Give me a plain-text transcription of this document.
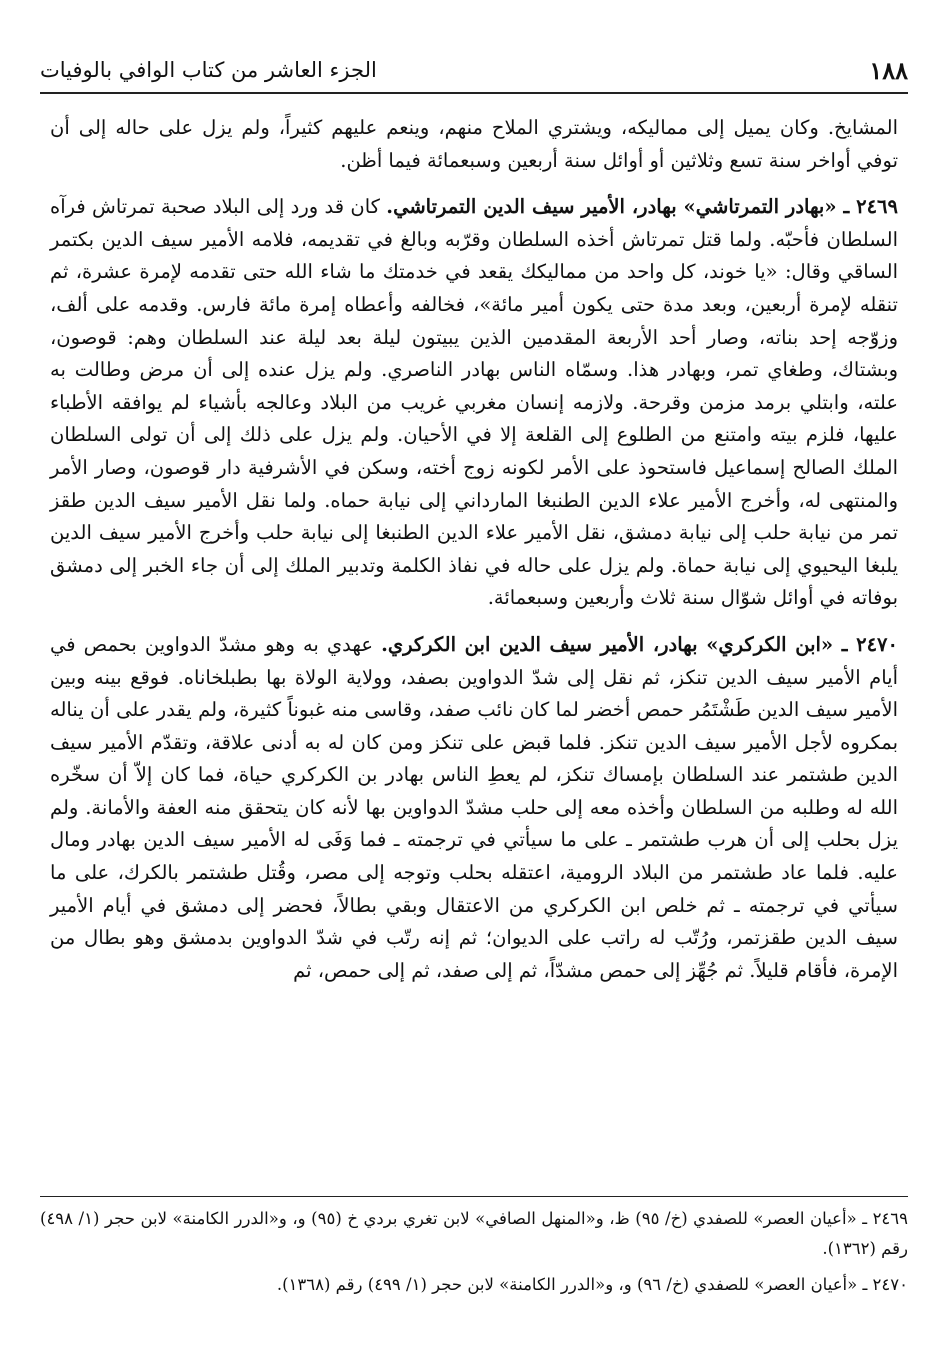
١٨٨
الجزء العاشر من كتاب الوافي بالوفيات

المشايخ. وكان يميل إلى مماليكه، ويشتري الملاح منهم، وينعم عليهم كثيراً، ولم يزل على حاله إلى أن توفي أواخر سنة تسع وثلاثين أو أوائل سنة أربعين وسبعمائة فيما أظن.

٢٤٦٩ ـ «بهادر التمرتاشي» بهادر، الأمير سيف الدين التمرتاشي. كان قد ورد إلى البلاد صحبة تمرتاش فرآه السلطان فأحبّه. ولما قتل تمرتاش أخذه السلطان وقرّبه وبالغ في تقديمه، فلامه الأمير سيف الدين بكتمر الساقي وقال: «يا خوند، كل واحد من مماليكك يقعد في خدمتك ما شاء الله حتى تقدمه لإمرة عشرة، ثم تنقله لإمرة أربعين، وبعد مدة حتى يكون أمير مائة»، فخالفه وأعطاه إمرة مائة فارس. وقدمه على ألف، وزوّجه إحد بناته، وصار أحد الأربعة المقدمين الذين يبيتون ليلة بعد ليلة عند السلطان وهم: قوصون، وبشتاك، وطغاي تمر، وبهادر هذا. وسمّاه الناس بهادر الناصري. ولم يزل عنده إلى أن مرض وطالت به علته، وابتلي برمد مزمن وقرحة. ولازمه إنسان مغربي غريب من البلاد وعالجه بأشياء لم يوافقه الأطباء عليها، فلزم بيته وامتنع من الطلوع إلى القلعة إلا في الأحيان. ولم يزل على ذلك إلى أن تولى السلطان الملك الصالح إسماعيل فاستحوذ على الأمر لكونه زوج أخته، وسكن في الأشرفية دار قوصون، وصار الأمر والمنتهى له، وأخرج الأمير علاء الدين الطنبغا المارداني إلى نيابة حماه. ولما نقل الأمير سيف الدين طقز تمر من نيابة حلب إلى نيابة دمشق، نقل الأمير علاء الدين الطنبغا إلى نيابة حلب وأخرج الأمير سيف الدين يلبغا اليحيوي إلى نيابة حماة. ولم يزل على حاله في نفاذ الكلمة وتدبير الملك إلى أن جاء الخبر إلى دمشق بوفاته في أوائل شوّال سنة ثلاث وأربعين وسبعمائة.

٢٤٧٠ ـ «ابن الكركري» بهادر، الأمير سيف الدين ابن الكركري. عهدي به وهو مشدّ الدواوين بحمص في أيام الأمير سيف الدين تنكز، ثم نقل إلى شدّ الدواوين بصفد، وولاية الولاة بها بطبلخاناه. فوقع بينه وبين الأمير سيف الدين طَشْتَمُر حمص أخضر لما كان نائب صفد، وقاسى منه غبوناً كثيرة، ولم يقدر على أن يناله بمكروه لأجل الأمير سيف الدين تنكز. فلما قبض على تنكز ومن كان له به أدنى علاقة، وتقدّم الأمير سيف الدين طشتمر عند السلطان بإمساك تنكز، لم يعطِ الناس بهادر بن الكركري حياة، فما كان إلاّ أن سخّره الله له وطلبه من السلطان وأخذه معه إلى حلب مشدّ الدواوين بها لأنه كان يتحقق منه العفة والأمانة. ولم يزل بحلب إلى أن هرب طشتمر ـ على ما سيأتي في ترجمته ـ فما وَفَى له الأمير سيف الدين بهادر ومال عليه. فلما عاد طشتمر من البلاد الرومية، اعتقله بحلب وتوجه إلى مصر، وقُتل طشتمر بالكرك، على ما سيأتي في ترجمته ـ ثم خلص ابن الكركري من الاعتقال وبقي بطالاً، فحضر إلى دمشق في أيام الأمير سيف الدين طقزتمر، ورُتّب له راتب على الديوان؛ ثم إنه رتّب في شدّ الدواوين بدمشق وهو بطال من الإمرة، فأقام قليلاً. ثم جُهِّز إلى حمص مشدّاً، ثم إلى صفد، ثم إلى حمص، ثم

٢٤٦٩ ـ «أعيان العصر» للصفدي (خ/ ٩٥) ظ، و«المنهل الصافي» لابن تغري بردي خ (٩٥) و، و«الدرر الكامنة» لابن حجر (١/ ٤٩٨) رقم (١٣٦٢).

٢٤٧٠ ـ «أعيان العصر» للصفدي (خ/ ٩٦) و، و«الدرر الكامنة» لابن حجر (١/ ٤٩٩) رقم (١٣٦٨).
